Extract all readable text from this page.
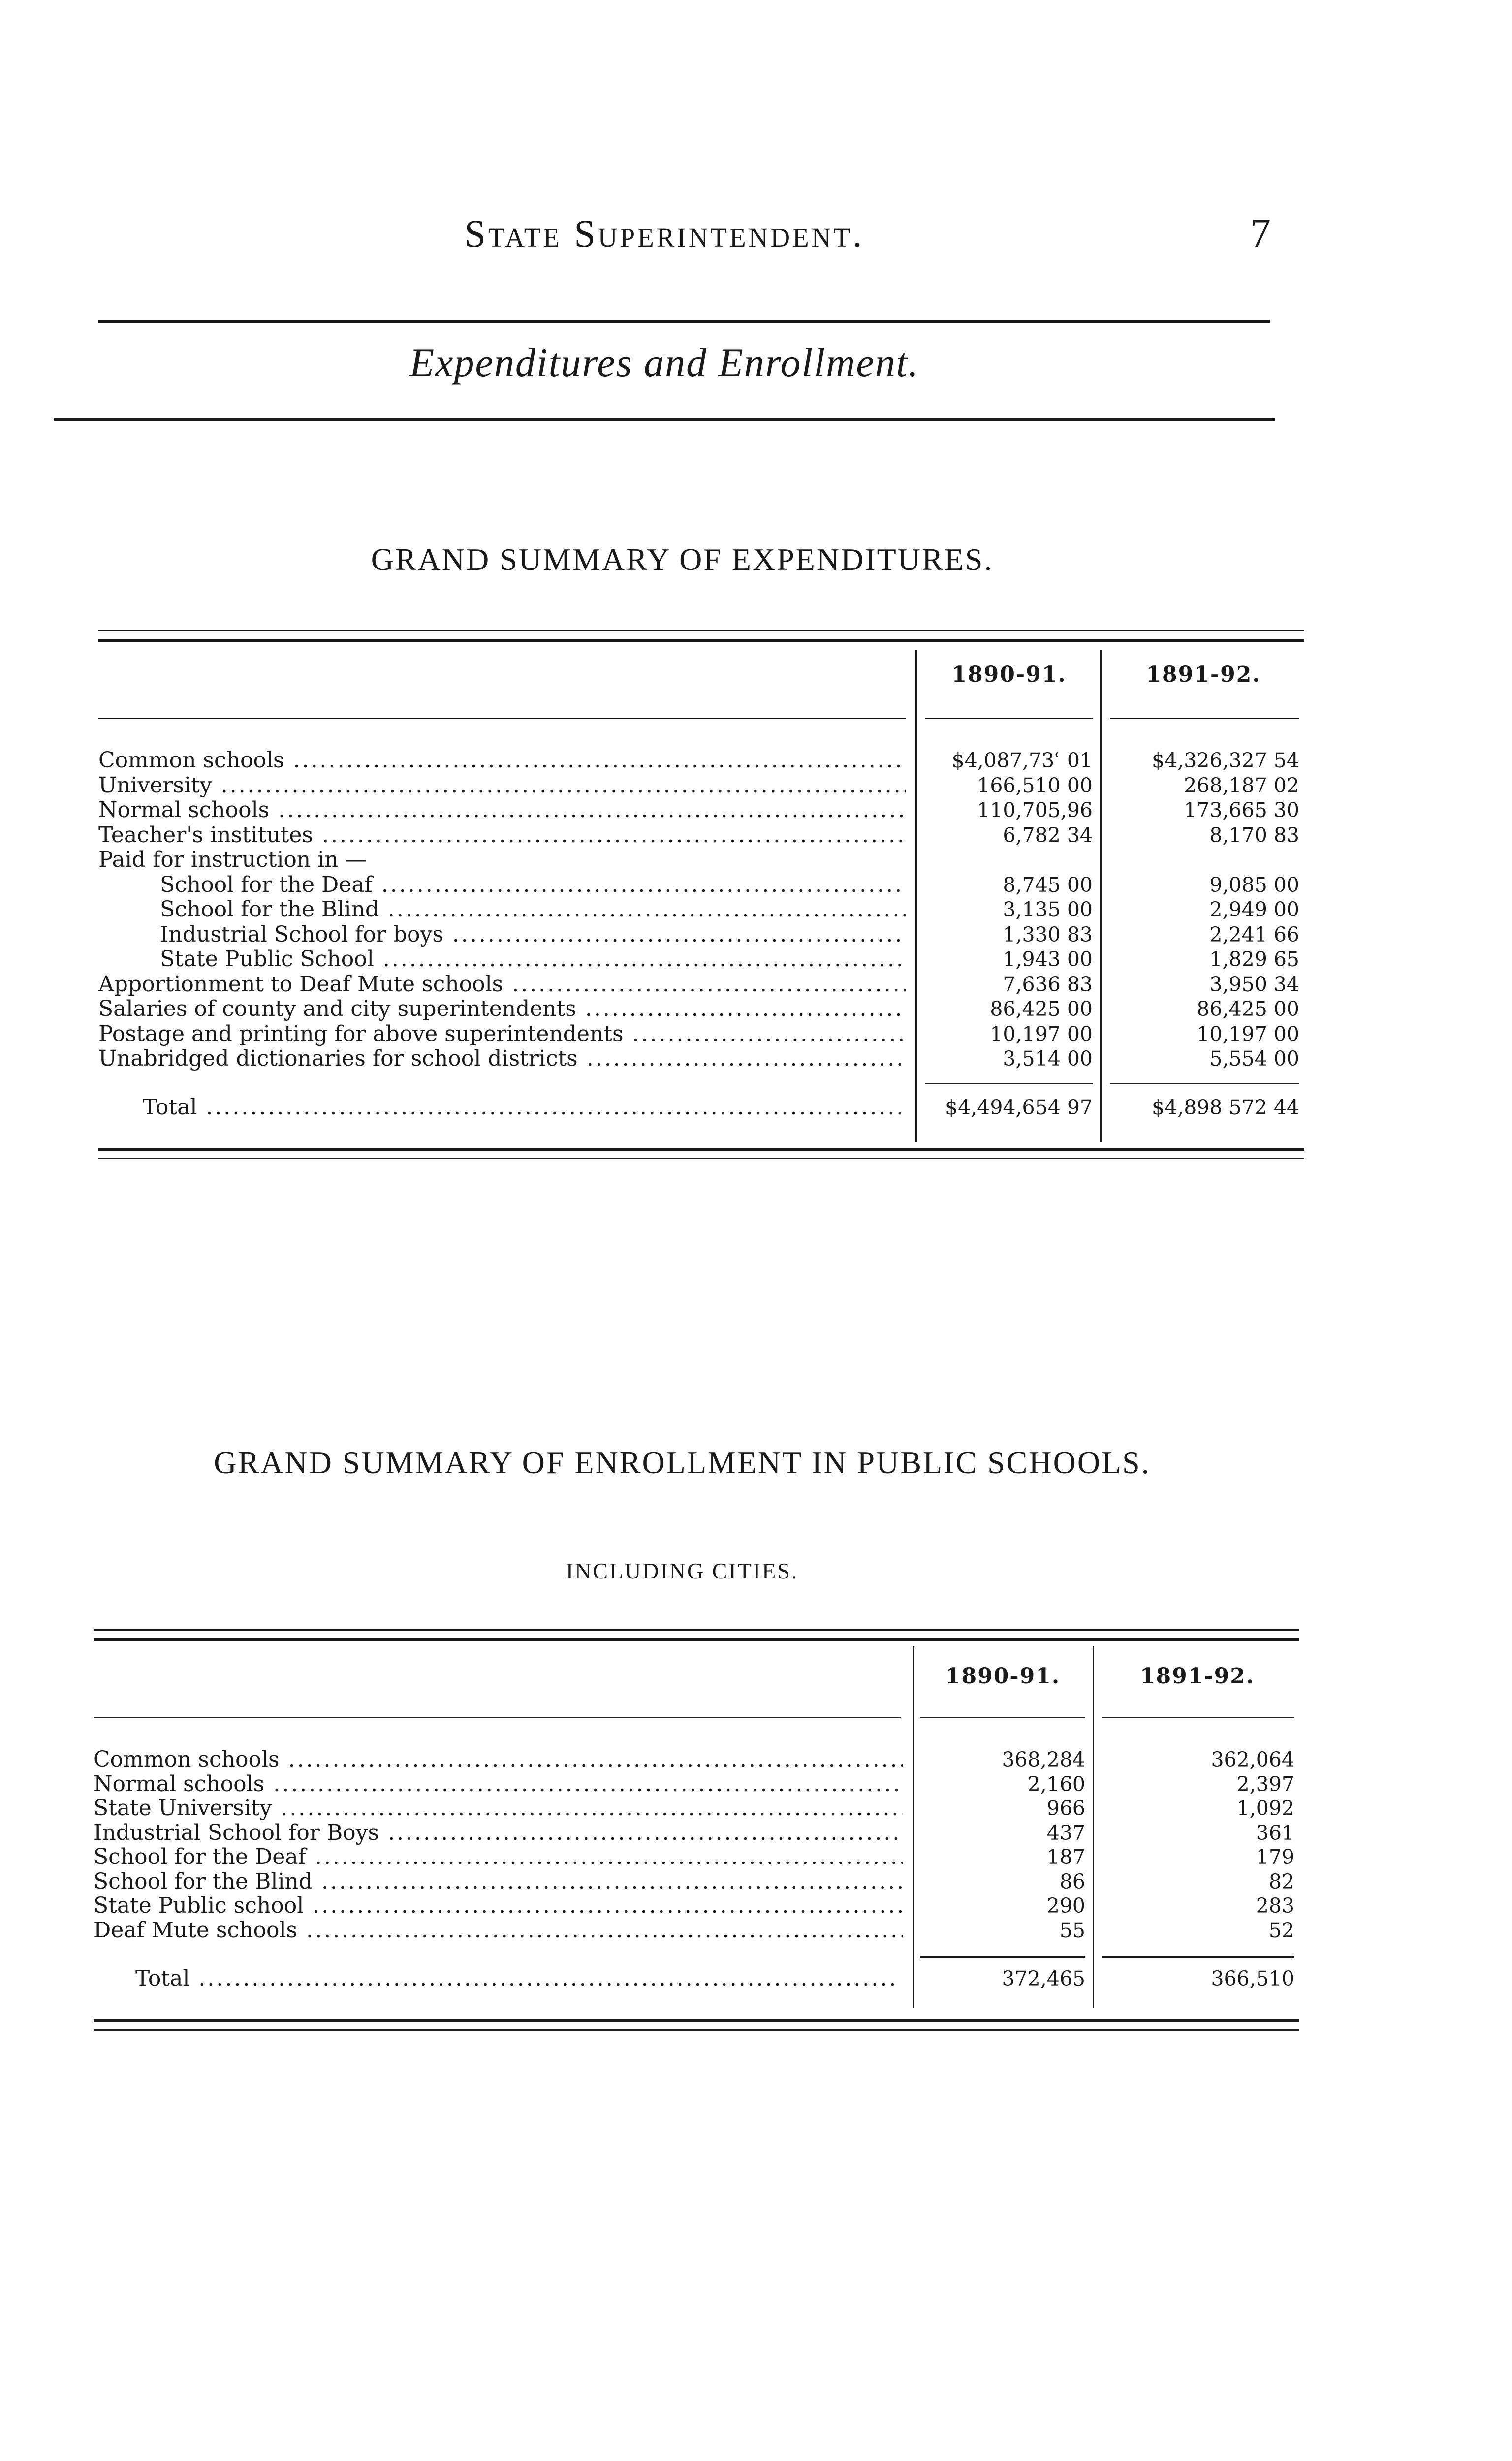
State Superintendent.	7
Expenditures and Enrollment.
GRAND SUMMARY OF EXPENDITURES.
1890-91.	1891-92.
Common schools .....	$4,087,73ʿ 01	$4,326,327 54
University .....	166,510 00	268,187 02
Normal schools .....	110,705,96	173,665 30
Teacher's institutes .....	6,782 34	8,170 83
Paid for instruction in —
School for the Deaf .....	8,745 00	9,085 00
School for the Blind .....	3,135 00	2,949 00
Industrial School for boys .....	1,330 83	2,241 66
State Public School .....	1,943 00	1,829 65
Apportionment to Deaf Mute schools .....	7,636 83	3,950 34
Salaries of county and city superintendents .....	86,425 00	86,425 00
Postage and printing for above superintendents .....	10,197 00	10,197 00
Unabridged dictionaries for school districts .....	3,514 00	5,554 00
Total .....	$4,494,654 97	$4,898 572 44
GRAND SUMMARY OF ENROLLMENT IN PUBLIC SCHOOLS.
INCLUDING CITIES.
1890-91.	1891-92.
Common schools .....	368,284	362,064
Normal schools .....	2,160	2,397
State University .....	966	1,092
Industrial School for Boys .....	437	361
School for the Deaf .....	187	179
School for the Blind .....	86	82
State Public school .....	290	283
Deaf Mute schools .....	55	52
Total .....	372,465	366,510
